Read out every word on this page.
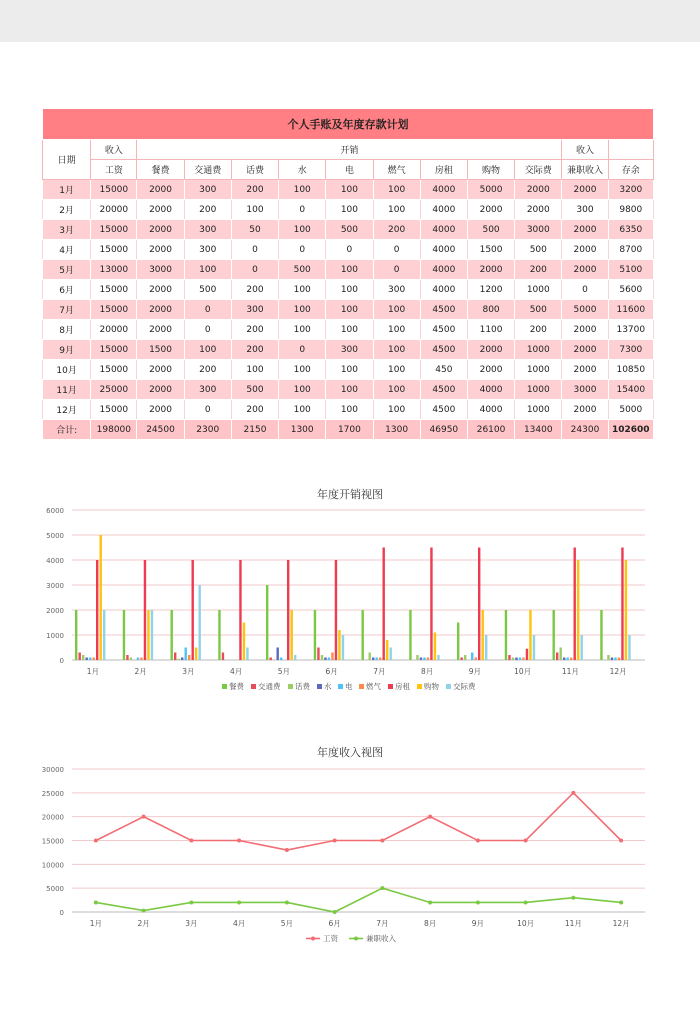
个人手账及年度存款计划												
日期	收入	开销									收入	
	工资	餐费	交通费	话费	水	电	燃气	房租	购物	交际费	兼职收入	存余
1月	15000	2000	300	200	100	100	100	4000	5000	2000	2000	3200
2月	20000	2000	200	100	0	100	100	4000	2000	2000	300	9800
3月	15000	2000	300	50	100	500	200	4000	500	3000	2000	6350
4月	15000	2000	300	0	0	0	0	4000	1500	500	2000	8700
5月	13000	3000	100	0	500	100	0	4000	2000	200	2000	5100
6月	15000	2000	500	200	100	100	300	4000	1200	1000	0	5600
7月	15000	2000	0	300	100	100	100	4500	800	500	5000	11600
8月	20000	2000	0	200	100	100	100	4500	1100	200	2000	13700
9月	15000	1500	100	200	0	300	100	4500	2000	1000	2000	7300
10月	15000	2000	200	100	100	100	100	450	2000	1000	2000	10850
11月	25000	2000	300	500	100	100	100	4500	4000	1000	3000	15400
12月	15000	2000	0	200	100	100	100	4500	4000	1000	2000	5000
合计:	198000	24500	2300	2150	1300	1700	1300	46950	26100	13400	24300	102600
年度开销视图
0
1000
2000
3000
4000
5000
6000
1月	2月	3月	4月	5月	6月	7月	8月	9月	10月	11月	12月
餐费 交通费 话费 水 电 燃气 房租 购物 交际费
年度收入视图
0
5000
10000
15000
20000
25000
30000
1月	2月	3月	4月	5月	6月	7月	8月	9月	10月	11月	12月
工资	兼职收入
